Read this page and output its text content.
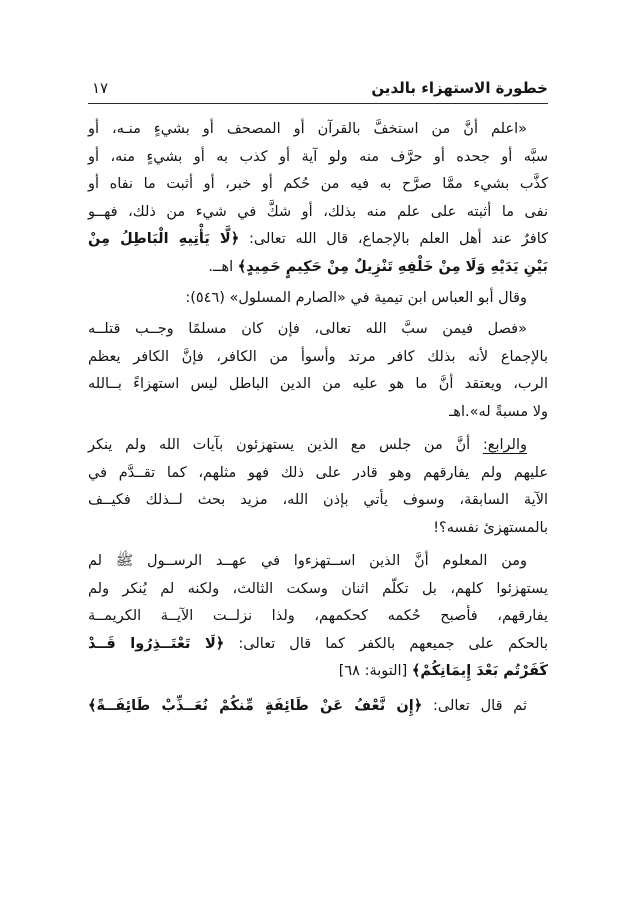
خطورة الاستهزاء بالدين
١٧
«اعلم أنَّ من استخفَّ بالقرآن أو المصحف أو بشيءٍ منـه، أو
سبَّه أو جحده أو حرَّف منه ولو آية أو كذب به أو بشيءٍ منه، أو
كذَّب بشيء ممَّا صرَّح به فيه من حُكم أو خبر، أو أثبت ما نفاه أو
نفى ما أثبته على علم منه بذلك، أو شكَّ في شيء من ذلك، فهــو
كافرٌ عند أهل العلم بالإجماع، قال الله تعالى: ﴿لَّا يَأْتِيهِ الْبَاطِلُ مِنْ
بَيْنِ يَدَيْهِ وَلَا مِنْ خَلْفِهِ تَنْزِيلٌ مِنْ حَكِيمٍ حَمِيدٍ﴾ اهــ.
وقال أبو العباس ابن تيمية في «الصارم المسلول» (٥٤٦):
«فصل فيمن سبَّ الله تعالى، فإن كان مسلمًا وجــب قتلــه
بالإجماع لأنه بذلك كافر مرتد وأسوأ من الكافر، فإنَّ الكافر يعظم
الرب، ويعتقد أنَّ ما هو عليه من الدين الباطل ليس استهزاءً بــالله
ولا مسبةً له».اهـ
والرابع: أنَّ من جلس مع الذين يستهزئون بآيات الله ولم ينكر
عليهم ولم يفارقهم وهو قادر على ذلك فهو مثلهم، كما تقــدَّم في
الآية السابقة، وسوف يأتي بإذن الله، مزيد بحث لــذلك فكيــف
بالمستهزئ نفسه؟!
ومن المعلوم أنَّ الذين اســتهزءوا في عهــد الرســول ﷺ لم
يستهزئوا كلهم، بل تكلّم اثنان وسكت الثالث، ولكنه لم يُنكر ولم
يفارقهم، فأصبح حُكمه كحكمهم، ولذا نزلــت الآيــة الكريمــة
بالحكم على جميعهم بالكفر كما قال تعالى: ﴿لَا تَعْتَــذِرُوا قَــدْ
كَفَرْتُم بَعْدَ إِيمَانِكُمْ﴾ [التوبة: ٦٨]
ثم قال تعالى: ﴿إِن نَّعْفُ عَنْ طَائِفَةٍ مِّنكُمْ نُعَــذِّبْ طَائِفَــةً﴾
